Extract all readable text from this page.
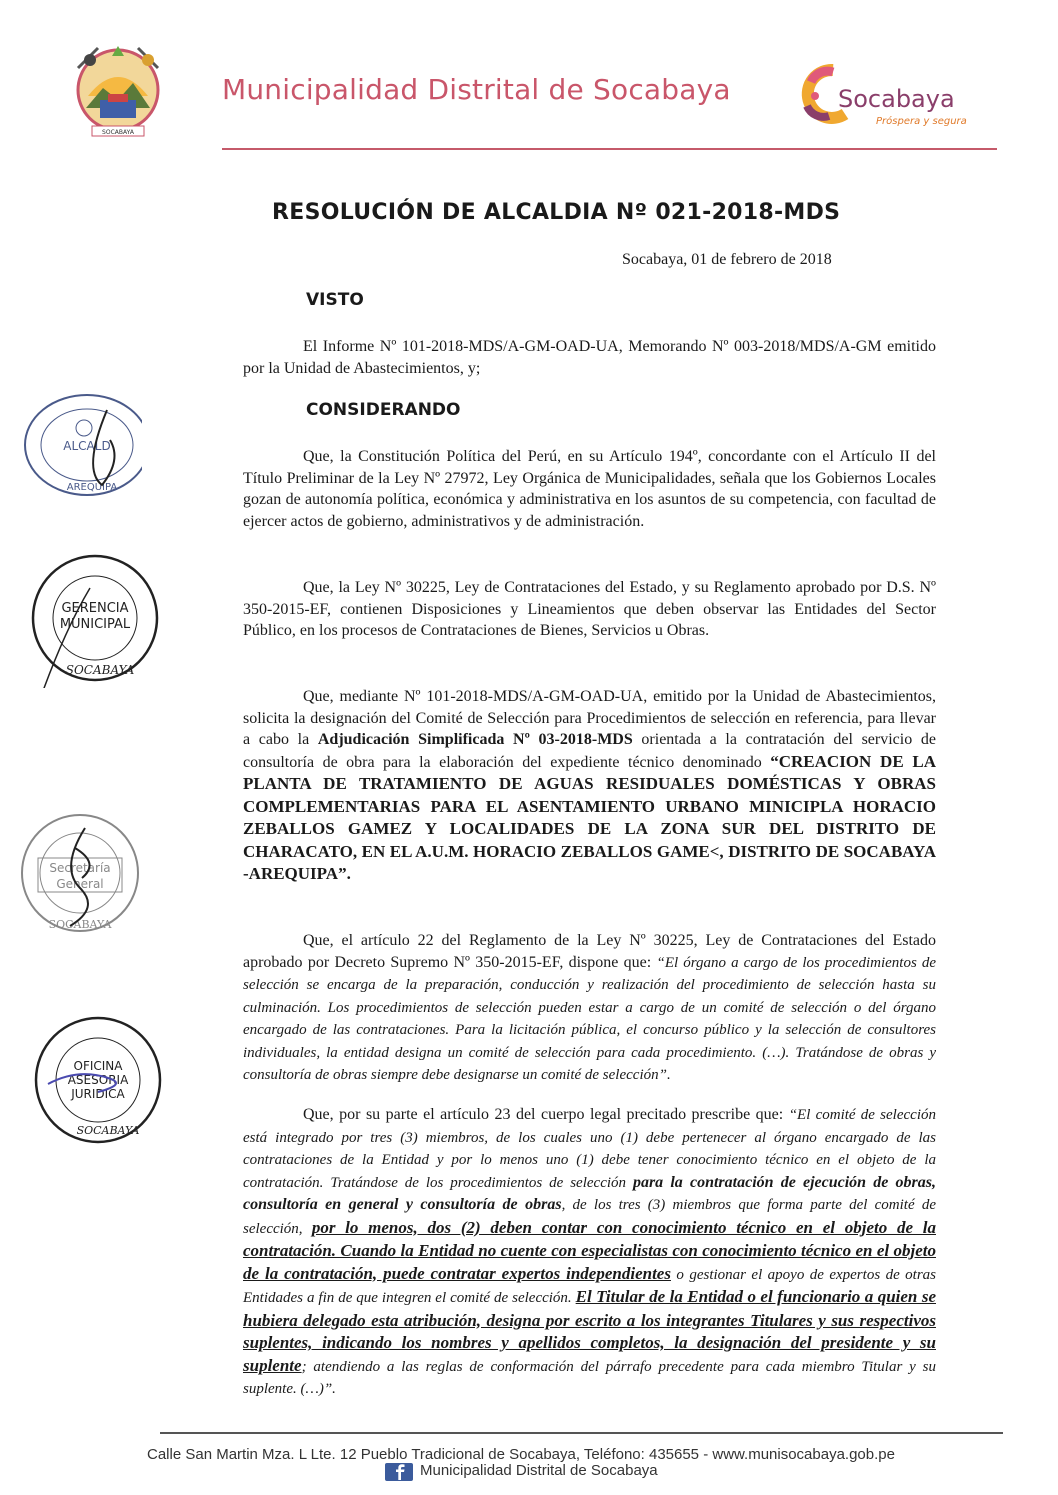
SOCABAYA
Municipalidad Distrital de Socabaya	Socabaya
Próspera y segura
RESOLUCIÓN DE ALCALDIA Nº 021-2018-MDS
Socabaya, 01 de febrero de 2018
VISTO

El Informe Nº 101-2018-MDS/A-GM-OAD-UA, Memorando Nº 003-2018/MDS/A-GM emitido por la Unidad de Abastecimientos, y;

CONSIDERANDO

Que, la Constitución Política del Perú, en su Artículo 194º, concordante con el Artículo II del Título Preliminar de la Ley Nº 27972, Ley Orgánica de Municipalidades, señala que los Gobiernos Locales gozan de autonomía política, económica y administrativa en los asuntos de su competencia, con facultad de ejercer actos de gobierno, administrativos y de administración.

Que, la Ley Nº 30225, Ley de Contrataciones del Estado, y su Reglamento aprobado por D.S. Nº 350-2015-EF, contienen Disposiciones y Lineamientos que deben observar las Entidades del Sector Público, en los procesos de Contrataciones de Bienes, Servicios u Obras.

Que, mediante Nº 101-2018-MDS/A-GM-OAD-UA, emitido por la Unidad de Abastecimientos, solicita la designación del Comité de Selección para Procedimientos de selección en referencia, para llevar a cabo la Adjudicación Simplificada Nº 03-2018-MDS orientada a la contratación del servicio de consultoría de obra para la elaboración del expediente técnico denominado “CREACION DE LA PLANTA DE TRATAMIENTO DE AGUAS RESIDUALES DOMÉSTICAS Y OBRAS COMPLEMENTARIAS PARA EL ASENTAMIENTO URBANO MINICIPLA HORACIO ZEBALLOS GAMEZ Y LOCALIDADES DE LA ZONA SUR DEL DISTRITO DE CHARACATO, EN EL A.U.M. HORACIO ZEBALLOS GAME<, DISTRITO DE SOCABAYA -AREQUIPA”.

Que, el artículo 22 del Reglamento de la Ley Nº 30225, Ley de Contrataciones del Estado aprobado por Decreto Supremo Nº 350-2015-EF, dispone que: “El órgano a cargo de los procedimientos de selección se encarga de la preparación, conducción y realización del procedimiento de selección hasta su culminación. Los procedimientos de selección pueden estar a cargo de un comité de selección o del órgano encargado de las contrataciones. Para la licitación pública, el concurso público y la selección de consultores individuales, la entidad designa un comité de selección para cada procedimiento. (…). Tratándose de obras y consultoría de obras siempre debe designarse un comité de selección”.

Que, por su parte el artículo 23 del cuerpo legal precitado prescribe que: “El comité de selección está integrado por tres (3) miembros, de los cuales uno (1) debe pertenecer al órgano encargado de las contrataciones de la Entidad y por lo menos uno (1) debe tener conocimiento técnico en el objeto de la contratación. Tratándose de los procedimientos de selección para la contratación de ejecución de obras, consultoría en general y consultoría de obras, de los tres (3) miembros que forma parte del comité de selección, por lo menos, dos (2) deben contar con conocimiento técnico en el objeto de la contratación. Cuando la Entidad no cuente con especialistas con conocimiento técnico en el objeto de la contratación, puede contratar expertos independientes o gestionar el apoyo de expertos de otras Entidades a fin de que integren el comité de selección. El Titular de la Entidad o el funcionario a quien se hubiera delegado esta atribución, designa por escrito a los integrantes Titulares y sus respectivos suplentes, indicando los nombres y apellidos completos, la designación del presidente y su suplente; atendiendo a las reglas de conformación del párrafo precedente para cada miembro Titular y su suplente. (…)”.

ALCALD
AREQUIPA
GERENCIA
MUNICIPAL
SOCABAYA
Secretaría
General
SOCABAYA
OFICINA
ASESORIA
JURIDICA
SOCABAYA
Calle San Martin Mza. L Lte. 12 Pueblo Tradicional de Socabaya, Teléfono: 435655 - www.munisocabaya.gob.pe
Municipalidad Distrital de Socabaya
